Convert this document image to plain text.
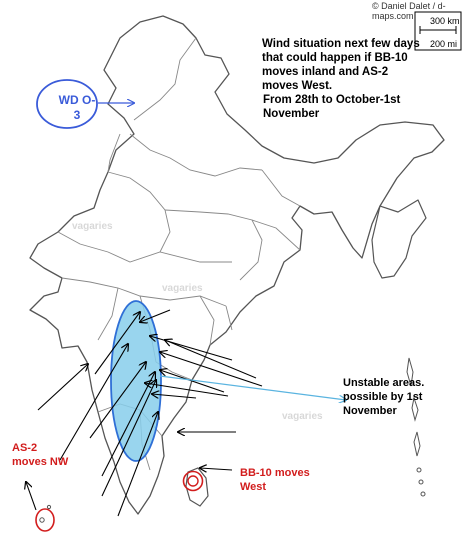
© Daniel Dalet / d-maps.com
Wind situation next few days that could happen if BB-10 moves inland and AS-2 moves West.
From 28th to October-1st November
300 km
200 mi
WD O-3
vagaries
vagaries
vagaries
Unstable areas. possible by 1st November
AS-2 moves NW
BB-10 moves West
